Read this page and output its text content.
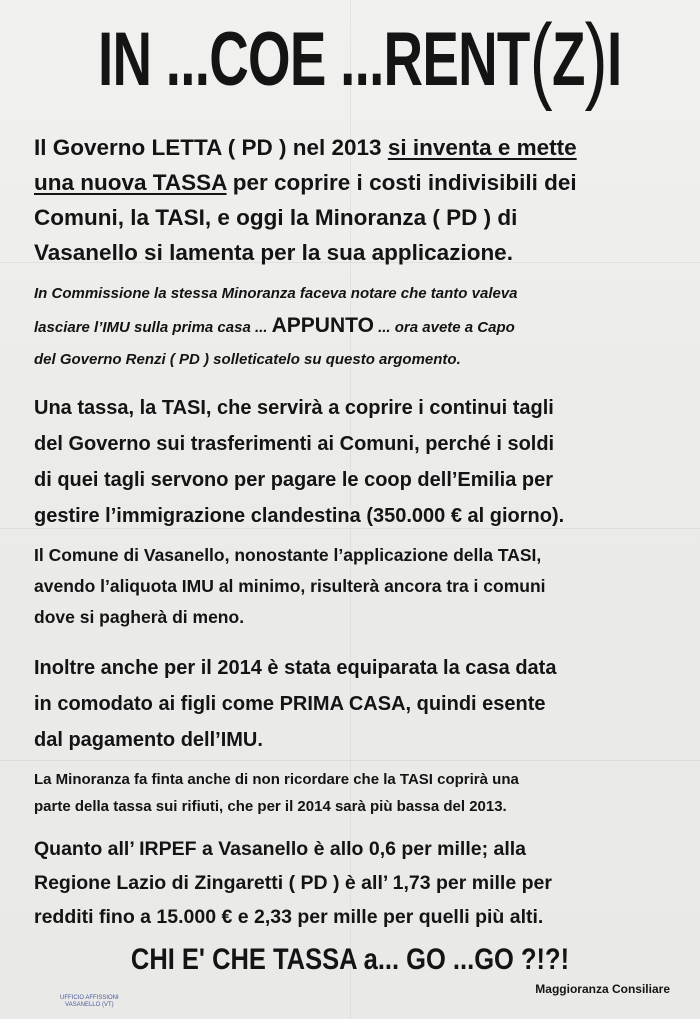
IN ...COE ...RENT(Z)I
Il Governo LETTA ( PD ) nel 2013 si inventa e mette
una nuova TASSA per coprire i costi indivisibili dei
Comuni, la TASI, e oggi la Minoranza ( PD ) di
Vasanello si lamenta per la sua applicazione.
In Commissione la stessa Minoranza faceva notare che tanto valeva
lasciare l’IMU sulla prima casa ... APPUNTO ... ora avete a Capo
del Governo Renzi ( PD ) solleticatelo su questo argomento.
Una tassa, la TASI, che servirà a coprire i continui tagli
del Governo sui trasferimenti ai Comuni, perché i soldi
di quei tagli servono per pagare le coop dell’Emilia per
gestire l’immigrazione clandestina (350.000 € al giorno).
Il Comune di Vasanello, nonostante l’applicazione della TASI,
avendo l’aliquota IMU al minimo, risulterà ancora tra i comuni
dove si pagherà di meno.
Inoltre anche per il 2014 è stata equiparata la casa data
in comodato ai figli come PRIMA CASA, quindi esente
dal pagamento dell’IMU.
La Minoranza fa finta anche di non ricordare che la TASI coprirà una
parte della tassa sui rifiuti, che per il 2014 sarà più bassa del 2013.
Quanto all’ IRPEF a Vasanello è allo 0,6 per mille; alla
Regione Lazio di Zingaretti ( PD ) è all’ 1,73 per mille per
redditi fino a 15.000 € e 2,33 per mille per quelli più alti.
CHI E' CHE TASSA a... GO ...GO ?!?!
Maggioranza Consiliare
UFFICIO AFFISSIONI
VASANELLO (VT)
